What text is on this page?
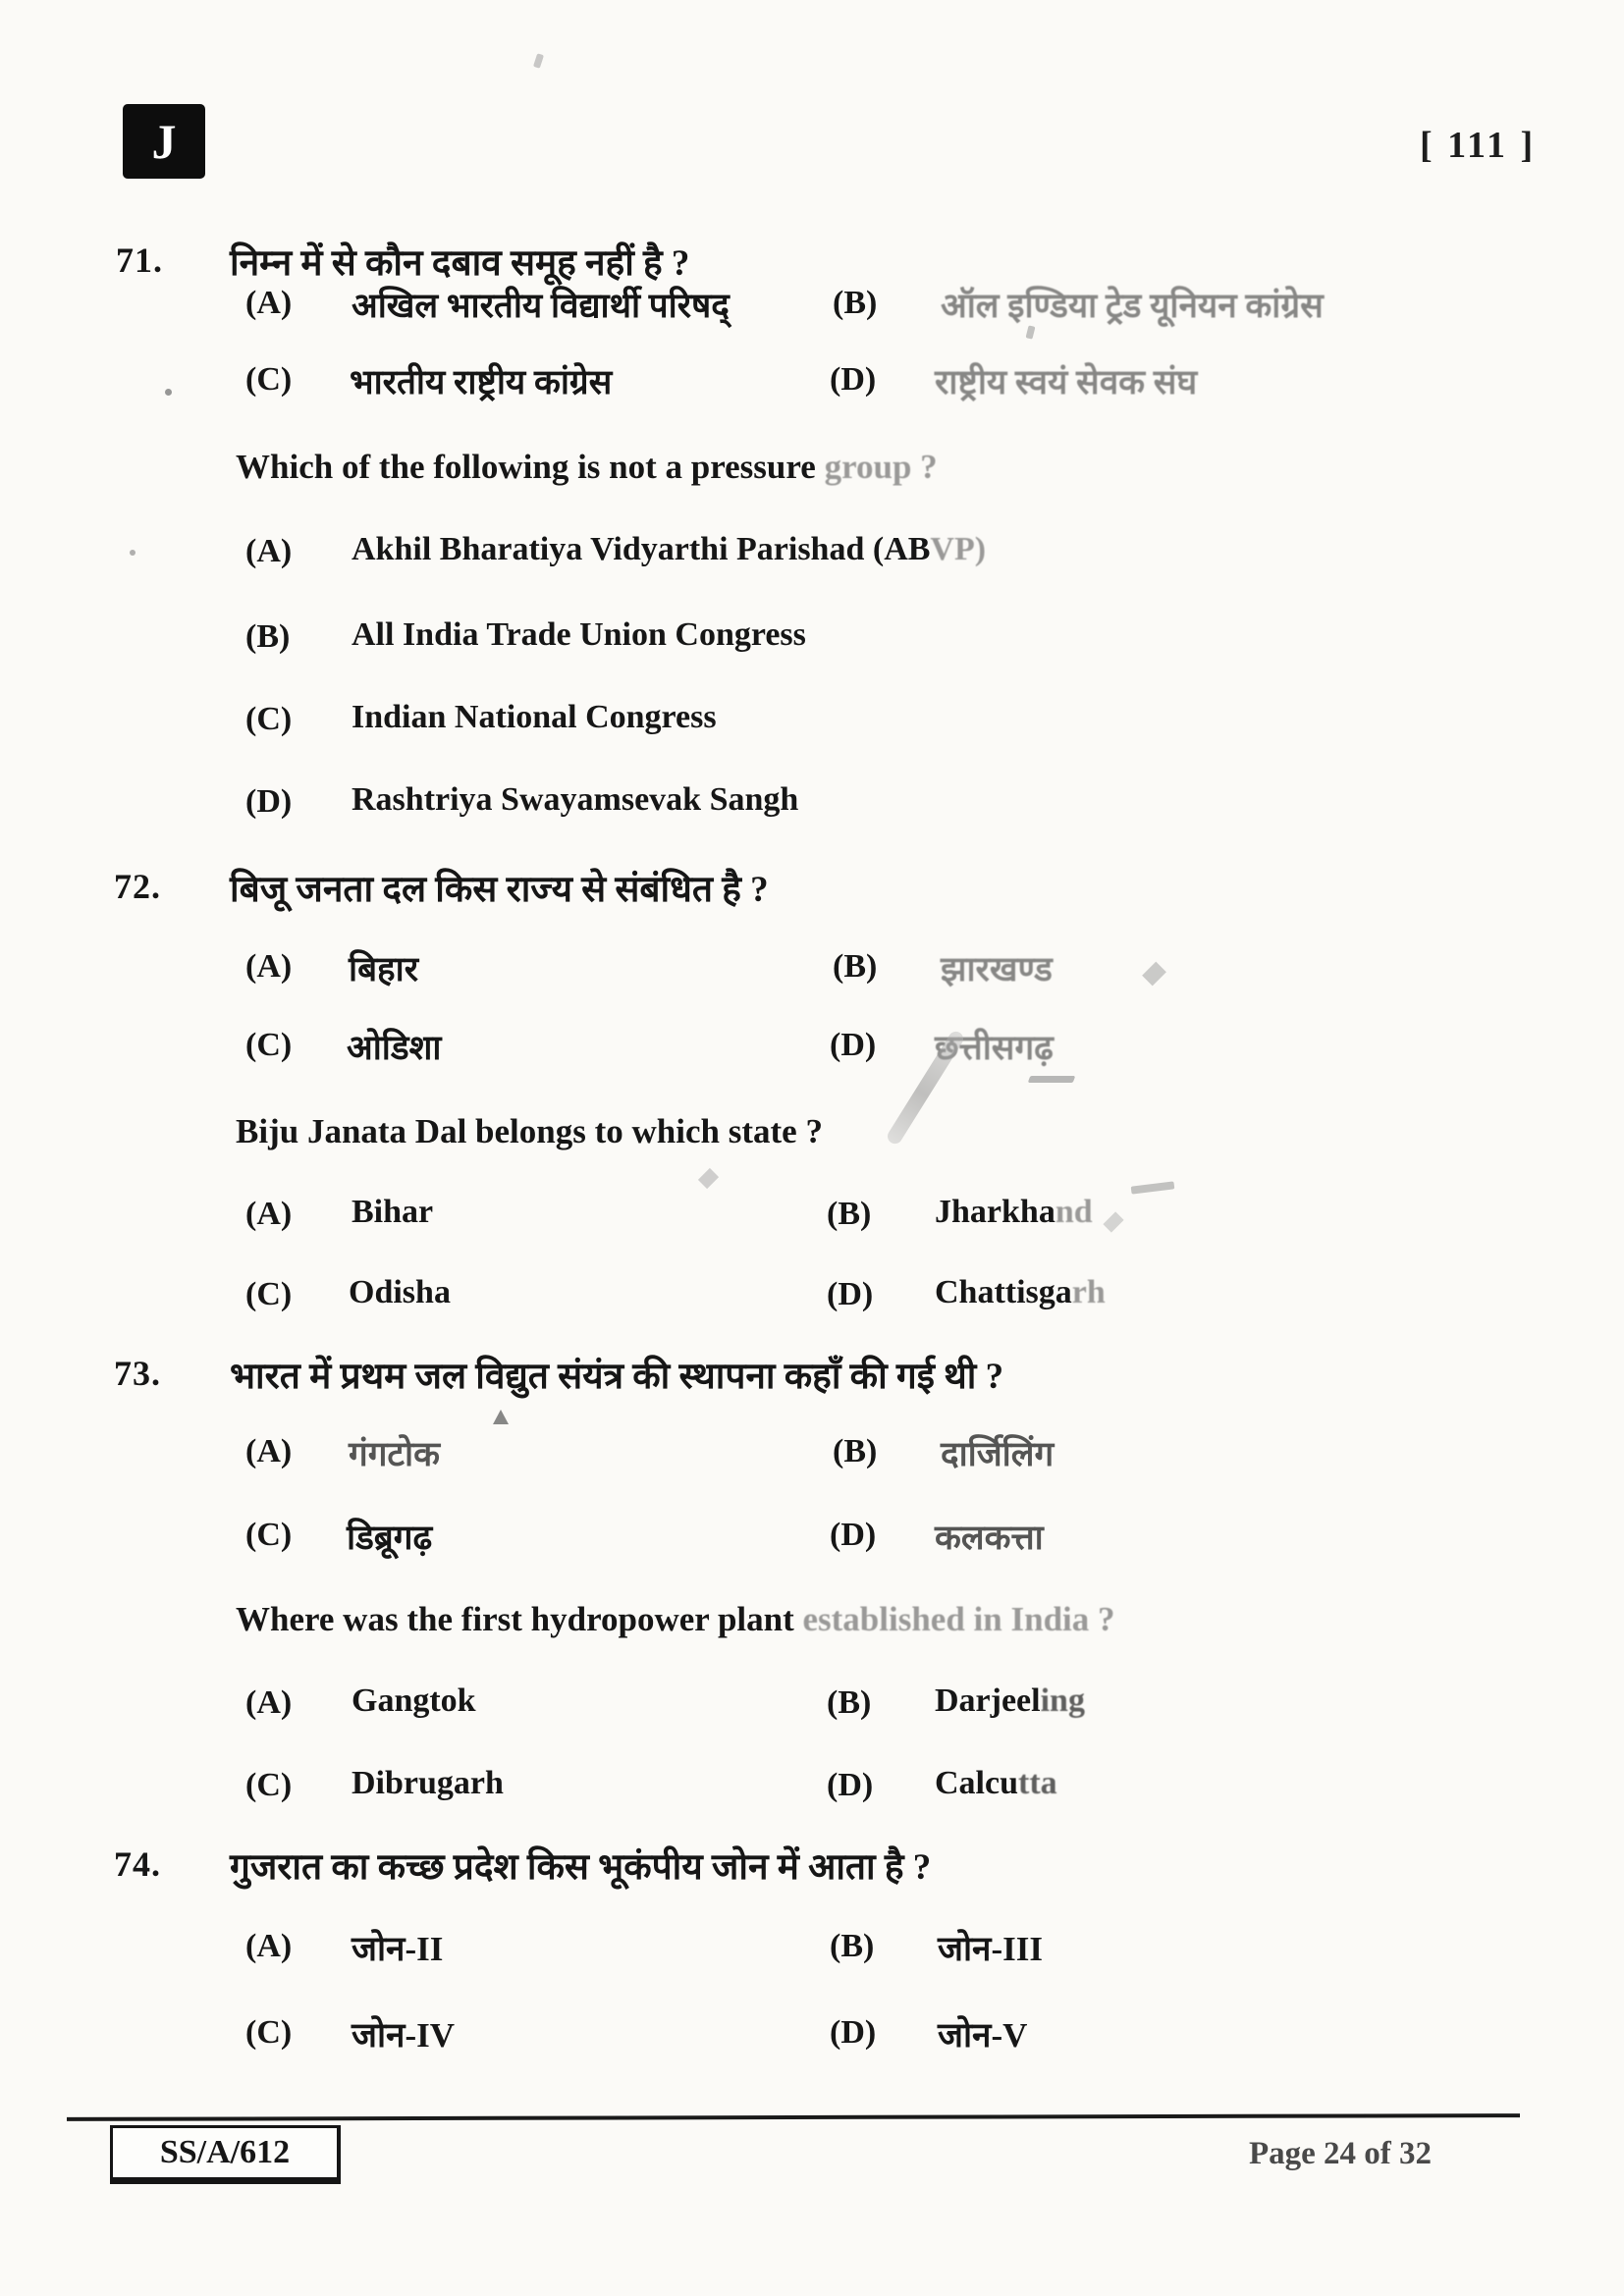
J	[ 111 ]
71. निम्न में से कौन दबाव समूह नहीं है ?
(A) अखिल भारतीय विद्यार्थी परिषद्	(B) ऑल इण्डिया ट्रेड यूनियन कांग्रेस
(C) भारतीय राष्ट्रीय कांग्रेस	(D) राष्ट्रीय स्वयं सेवक संघ
Which of the following is not a pressure group ?
(A) Akhil Bharatiya Vidyarthi Parishad (ABVP)
(B) All India Trade Union Congress
(C) Indian National Congress
(D) Rashtriya Swayamsevak Sangh
72. बिजू जनता दल किस राज्य से संबंधित है ?
(A) बिहार	(B) झारखण्ड
(C) ओडिशा	(D) छत्तीसगढ़
Biju Janata Dal belongs to which state ?
(A) Bihar	(B) Jharkhand
(C) Odisha	(D) Chattisgarh
73. भारत में प्रथम जल विद्युत संयंत्र की स्थापना कहाँ की गई थी ?
(A) गंगटोक	(B) दार्जिलिंग
(C) डिब्रूगढ़	(D) कलकत्ता
Where was the first hydropower plant established in India ?
(A) Gangtok	(B) Darjeeling
(C) Dibrugarh	(D) Calcutta
74. गुजरात का कच्छ प्रदेश किस भूकंपीय जोन में आता है ?
(A) जोन-II	(B) जोन-III
(C) जोन-IV	(D) जोन-V
SS/A/612	Page 24 of 32
